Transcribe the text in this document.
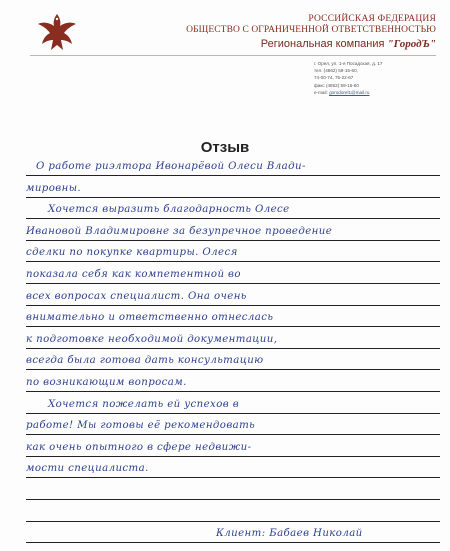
РОССИЙСКАЯ ФЕДЕРАЦИЯ
ОБЩЕСТВО С ОГРАНИЧЕННОЙ ОТВЕТСТВЕННОСТЬЮ
Региональная компания "ГородЪ"
г. Орел, ул. 1-я Посадская, д. 17
тел. (4862) 59-15-60,
74-00-74, 75-22-67
факс (4862) 59-15-60
e-mail: gorodorel1@mail.ru
Отзыв
О работе риэлтора Ивонарёвой Олеси Влади-
мировны.
Хочется выразить благодарность Олесе
Ивановой Владимировне за безупречное проведение
сделки по покупке квартиры. Олеся
показала себя как компетентной во
всех вопросах специалист. Она очень
внимательно и ответственно отнеслась
к подготовке необходимой документации,
всегда была готова дать консультацию
по возникающим вопросам.
Хочется пожелать ей успехов в
работе! Мы готовы её рекомендовать
как очень опытного в сфере недвижи-
мости специалиста.
Клиент: Бабаев Николай
